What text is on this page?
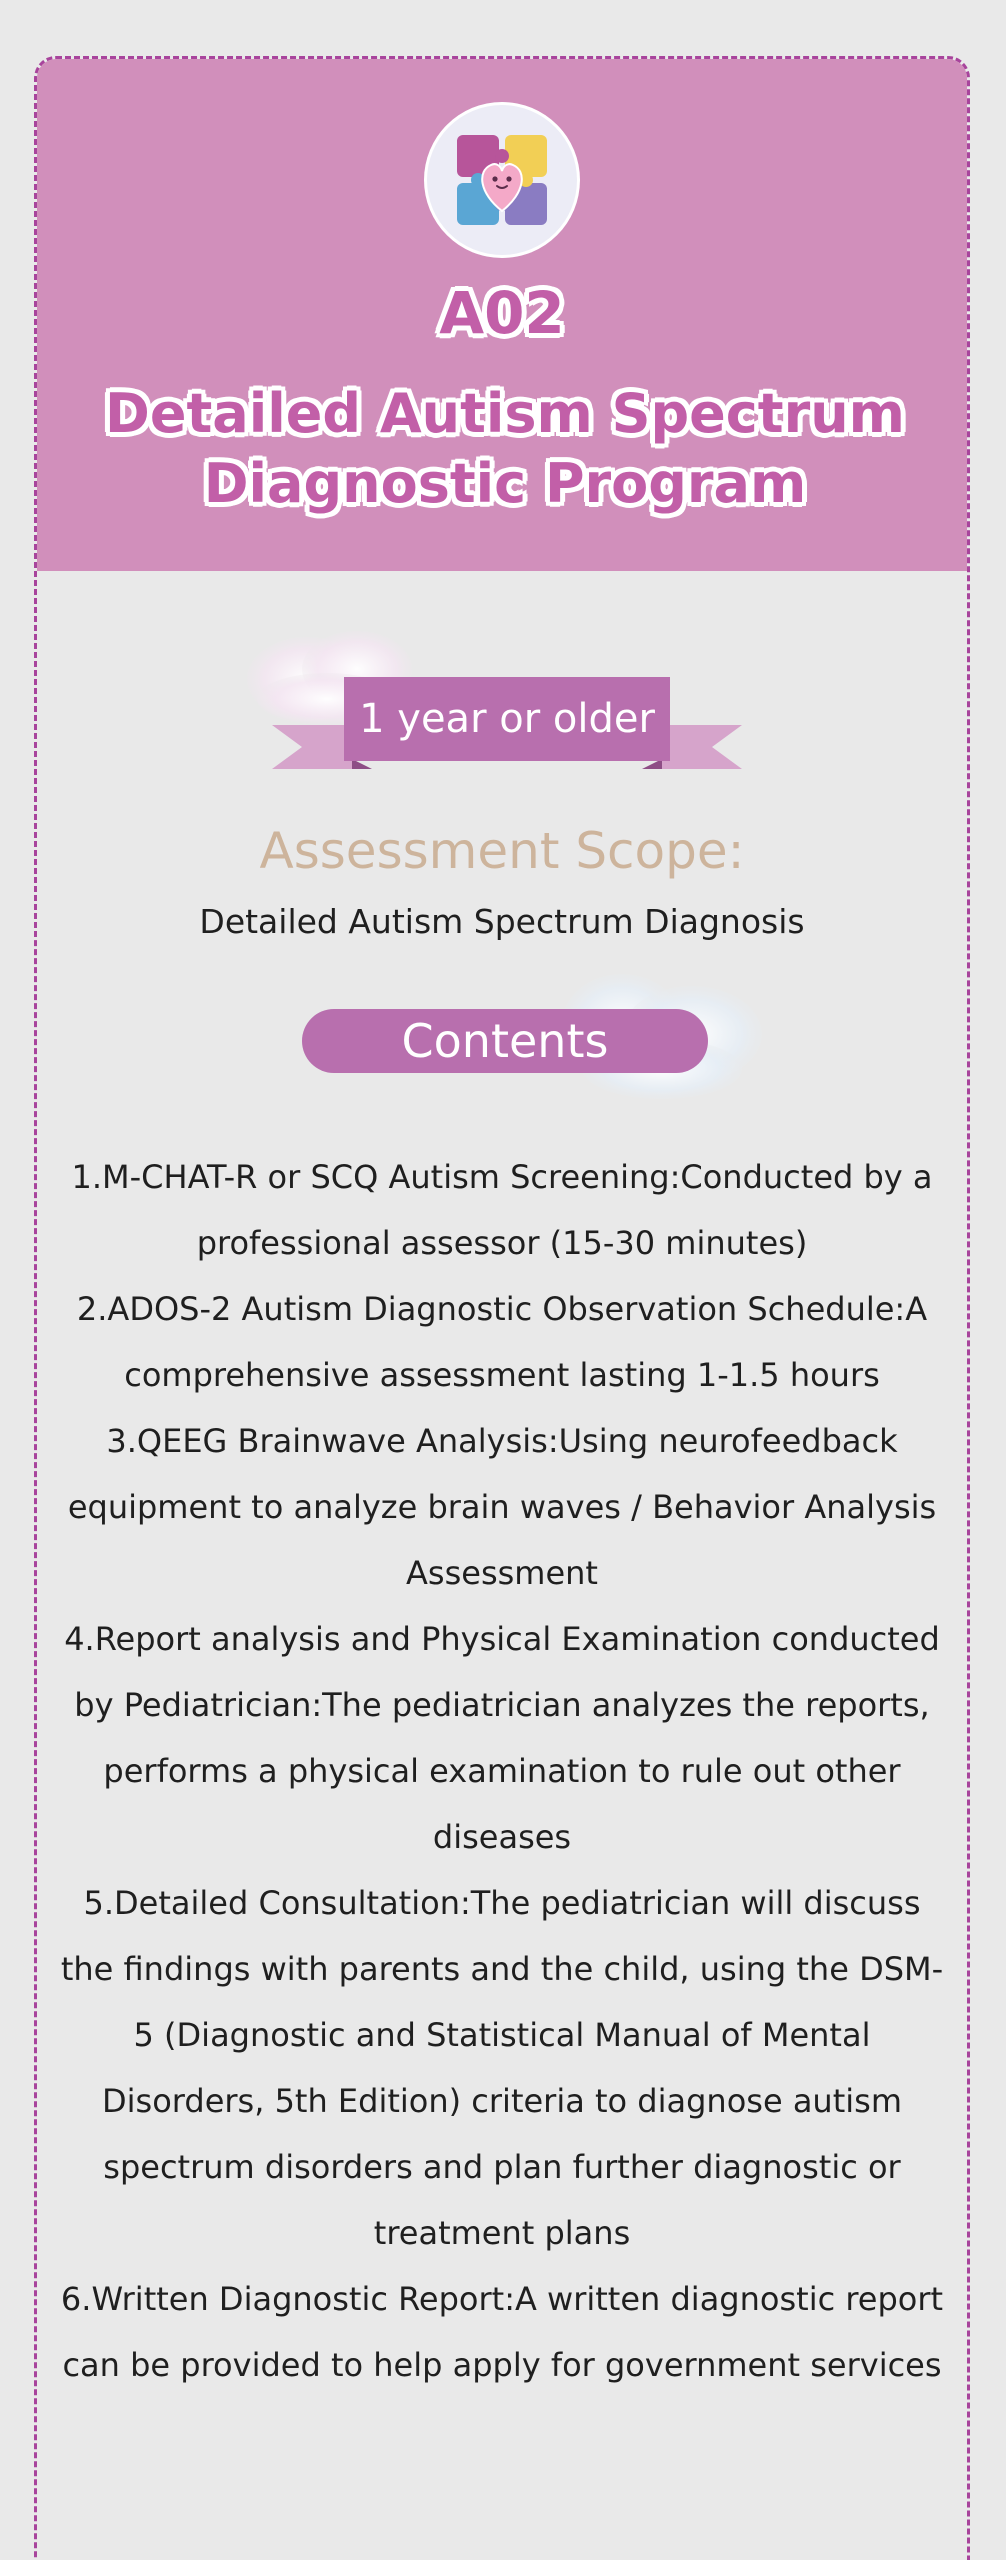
A02
Detailed Autism Spectrum Diagnostic Program
1 year or older
Assessment Scope:
Detailed Autism Spectrum Diagnosis
Contents

1.M-CHAT-R or SCQ Autism Screening:Conducted by a professional assessor (15-30 minutes)

2.ADOS-2 Autism Diagnostic Observation Schedule:A comprehensive assessment lasting 1-1.5 hours

3.QEEG Brainwave Analysis:Using neurofeedback equipment to analyze brain waves / Behavior Analysis Assessment

4.Report analysis and Physical Examination conducted by Pediatrician:The pediatrician analyzes the reports, performs a physical examination to rule out other diseases

5.Detailed Consultation:The pediatrician will discuss the findings with parents and the child, using the DSM-5 (Diagnostic and Statistical Manual of Mental Disorders, 5th Edition) criteria to diagnose autism spectrum disorders and plan further diagnostic or treatment plans

6.Written Diagnostic Report:A written diagnostic report can be provided to help apply for government services
